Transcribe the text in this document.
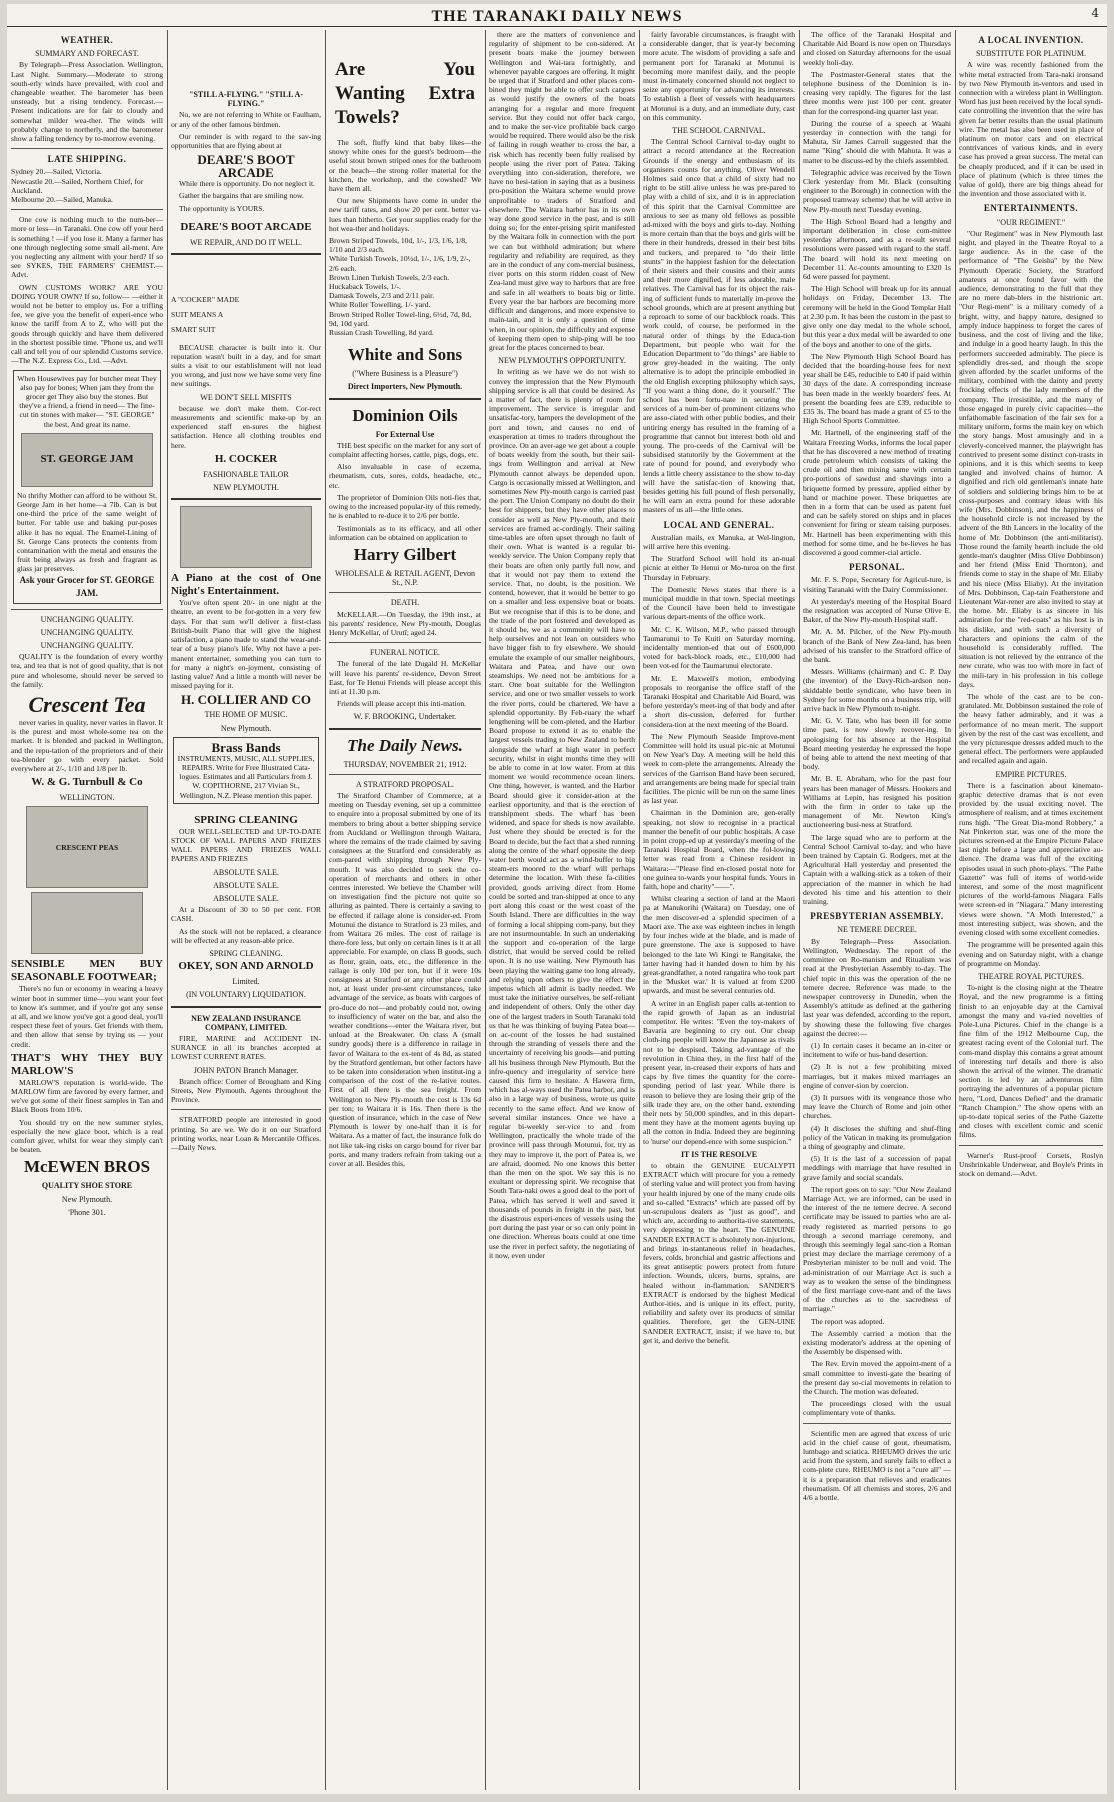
THE TARANAKI DAILY NEWS	4
WEATHER.
SUMMARY AND FORECAST.

By Telegraph—Press Association. Wellington, Last Night. Summary.—Moderate to strong south-erly winds have prevailed, with cool and changeable weather. The barometer has been unsteady, but a rising tendency. Forecast.—Present indications are for fair to cloudy and somewhat milder wea-ther. The winds will probably change to northerly, and the barometer show a falling tendency by to-morrow evening.

LATE SHIPPING.
Sydney 20.—Sailed, Victoria.
Newcastle 20.—Sailed, Northern Chief, for Auckland.
Melbourne 20.—Sailed, Manuka.

One cow is nothing much to the num-ber—more or less—in Taranaki. One cow off your herd is something ! —if you lose it. Many a farmer has one through neglecting some small ail-ment. Are you neglecting any ailment with your herd? If so see SYKES, THE FARMERS' CHEMIST.—Advt.

OWN CUSTOMS WORK? ARE YOU DOING YOUR OWN? If so, follow— —either it would not be better to employ us. For a trifling fee, we give you the benefit of experi-ence who know the tariff from A to Z, who will put the goods through quickly and have them delivered in the shortest possible time. "Phone us, and we'll call and tell you of our splendid Customs service.—The N.Z. Express Co., Ltd. —Advt.

When Housewives pay for butcher meat They also pay for bones; When jam they from the grocer get They also buy the stones. But they've a friend, a friend in need— The fine-cut tin stones with maker— "ST. GEORGE" the best, And great its name.
ST. GEORGE JAM
No thrifty Mother can afford to be without St. George Jam in her home—a 7lb. Can is but one-third the price of the same weight of butter. For table use and baking pur-poses alike it has no equal. The Enamel-Lining of St. George Cans protects the contents from contamination with the metal and ensures the fruit being always as fresh and fragrant as glass jar preserves.
Ask your Grocer for ST. GEORGE JAM.
UNCHANGING QUALITY.
UNCHANGING QUALITY.
UNCHANGING QUALITY.

QUALITY is the foundation of every worthy tea, and tea that is not of good quality, that is not pure and wholesome, should never be served to the family.

Crescent Tea

never varies in quality, never varies in flavor. It is the purest and most whole-some tea on the market. It is blended and packed in Wellington, and the repu-tation of the proprietors and of their tea-blender go with every packet. Sold everywhere at 2/-, 1/10 and 1/8 per lb.

W. & G. Turnbull & Co
WELLINGTON.
CRESCENT PEAS
SENSIBLE MEN BUY SEASONABLE FOOTWEAR;

There's no fun or economy in wearing a heavy winter boot in summer time—you want your feet to know it's summer, and if you're got any sense at all, and we know you've got a good deal, you'll respect these feet of yours. Get friends with them, and then allow that sense by trying us — your credit.

THAT'S WHY THEY BUY MARLOW'S

MARLOW'S reputation is world-wide. The MARLOW firm are favored by every farmer, and we've got some of their finest samples in Tan and Black Boots from 10/6.

You should try on the new summer styles, especially the new glace boot, which is a real comfort giver, whilst for wear they simply can't be beaten.

McEWEN BROS
QUALITY SHOE STORE
New Plymouth.
'Phone 301.
"STILL A-FLYING." "STILL A-FLYING."

No, we are not referring to White or Faulham, or any of the other famous birdmen.

Our reminder is with regard to the sav-ing opportunities that are flying about at

DEARE'S BOOT ARCADE

While there is opportunity. Do not neglect it.

Gather the bargains that are smiling now.

The opportunity is YOURS.

DEARE'S BOOT ARCADE
WE REPAIR, AND DO IT WELL.
A "COCKER" MADE
SUIT MEANS A
SMART SUIT

BECAUSE character is built into it. Our reputation wasn't built in a day, and for smart suits a visit to our establishment will not lead you wrong, and just now we have some very fine new suitings.

WE DON'T SELL MISFITS

because we don't make them. Cor-rect measurements and scientific make-up by an experienced staff en-sures the highest satisfaction. Hence all clothing troubles end here.

H. COCKER
FASHIONABLE TAILOR
NEW PLYMOUTH.
A Piano at the cost of One Night's Entertainment.

You've often spent 20/- in one night at the theatre, an event to be for-gotten in a very few days. For that sum we'll deliver a first-class British-built Piano that will give the highest satisfaction, a piano made to stand the wear-and-tear of a busy piano's life. Why not have a per-manent entertainer, something you can turn to for many a night's en-joyment, consisting of lasting value? And a little a month will never be missed paying for it.

H. COLLIER AND CO
THE HOME OF MUSIC.
New Plymouth.
Brass Bands
INSTRUMENTS, MUSIC, ALL SUPPLIES, REPAIRS. Write for Free Illustrated Cata-logues. Estimates and all Particulars from J. W. COPITHORNE, 217 Vivian St., Wellington, N.Z. Please mention this paper.
SPRING CLEANING

OUR WELL-SELECTED and UP-TO-DATE STOCK OF WALL PAPERS AND FRIEZES WALL PAPERS AND FRIEZES WALL PAPERS AND FRIEZES

ABSOLUTE SALE.
ABSOLUTE SALE.
ABSOLUTE SALE.

At a Discount of 30 to 50 per cent. FOR CASH.

As the stock will not be replaced, a clearance will be effected at any reason-able price.

SPRING CLEANING.
OKEY, SON AND ARNOLD
Limited.
(IN VOLUNTARY) LIQUIDATION.
NEW ZEALAND INSURANCE COMPANY, LIMITED.

FIRE, MARINE and ACCIDENT IN-SURANCE in all its branches accepted at LOWEST CURRENT RATES.

JOHN PATON Branch Manager.

Branch office: Corner of Brougham and King Streets, New Plymouth. Agents throughout the Province.

STRATFORD people are interested in good printing. So are we. We do it on our Stratford printing works, near Loan & Mercantile Offices.—Daily News.

Are You Wanting Extra Towels?

The soft, fluffy kind that baby likes—the snowy white ones for the guest's bedroom—the useful stout brown striped ones for the bathroom or the beach—the strong roller material for the kitchen, the workshop, and the cowshed? We have them all.

Our new Shipments have come in under the new tariff rates, and show 20 per cent. better va-lues than hitherto. Get your supplies ready for the hot wea-ther and holidays.

Brown Striped Towels, 10d, 1/-, 1/3, 1/6, 1/8, 1/10 and 2/3 each.
White Turkish Towels, 10½d, 1/-, 1/6, 1/9, 2/-, 2/6 each.
Brown Linen Turkish Towels, 2/3 each.
Huckaback Towels, 1/-.
Damask Towels, 2/3 and 2/11 pair.
White Roller Towelling, 1/- yard.
Brown Striped Roller Towel-ling, 6½d, 7d, 8d, 9d, 10d yard.
Russian Crash Towelling, 8d yard.
White and Sons
("Where Business is a Pleasure")
Direct Importers, New Plymouth.
Dominion Oils
For External Use

THE best specific on the market for any sort of complaint affecting horses, cattle, pigs, dogs, etc.

Also invaluable in case of eczema, rheumatism, cuts, sores, colds, headache, etc., etc.

The proprietor of Dominion Oils noti-fies that, owing to the increased popular-ity of this remedy, he is enabled to re-duce it to 2/6 per bottle.

Testimonials as to its efficacy, and all other information can be obtained on application to

Harry Gilbert
WHOLESALE & RETAIL AGENT, Devon St., N.P.
DEATH.

McKELLAR.—On Tuesday, the 19th inst., at his parents' residence, New Ply-mouth, Douglas Henry McKellar, of Urutī; aged 24.

FUNERAL NOTICE.

The funeral of the late Dugald H. McKellar will leave his parents' re-sidence, Devon Street East, for Te Henui Friends will please accept this inti at 11.30 p.m.

Friends will please accept this inti-mation.

W. F. BROOKING, Undertaker.
The Daily News.
THURSDAY, NOVEMBER 21, 1912.
A STRATFORD PROPOSAL.

The Stratford Chamber of Commerce, at a meeting on Tuesday evening, set up a committee to enquire into a proposal submitted by one of its members to bring about a better shipping service from Auckland or Wellington through Waitara, where the remains of the trade claimed by saving consignees at the Stratford end considerably as com-pared with shipping through New Ply-mouth. It was also decided to seek the co-operation of merchants and others in other centres interested. We believe the Chamber will on investigation find the picture not quite so alluring as painted. There is certainly a saving to be effected if railage alone is consider-ed. From Motunui the distance to Stratford is 23 miles, and from Waitara 26 miles. The cost of railage is there-fore less, but only on certain lines is it at all appreciable. For example, on class B goods, such as flour, grain, oats, etc., the difference in the railage is only 10d per ton, but if it were 10s consignees at Stratford or any other place could not, at least under pre-sent circumstances, take advantage of the service, as boats with cargoes of pro-duce do not—and probably could not, owing to insufficiency of water on the bar, and also the weather conditions—enter the Waitara river, but unload at the Breakwater. On class A (small sundry goods) there is a difference in railage in favor of Waitara to the ex-tent of 4s 8d, as stated by the Stratford gentleman, but other factors have to be taken into consideration when institut-ing a comparison of the cost of the re-lative routes. First of all there is the sea freight. From Wellington to New Ply-mouth the cost is 13s 6d per ton; to Waitara it is 16s. Then there is the question of insurance, which in the case of New Plymouth is lower by one-half than it is for Waitara. As a matter of fact, the insurance folk do not like tak-ing risks on cargo bound for river bar ports, and many traders refrain from taking out a cover at all. Besides this,

there are the matters of convenience and regularity of shipment to be con-sidered. At present boats make the journey between Wellington and Wai-tara fortnightly, and whenever payable cargoes are offering. It might be urged that if Stratford and other places com-bined they might be able to offer such cargoes as would justify the owners of the boats arranging for a regular and more frequent service. But they could not offer back cargo, and to make the ser-vice profitable back cargo would be required. There would also be the risk of failing in rough weather to cross the bar, a risk which has recently been fully realised by people using the river port of Patea. Taking everything into con-sideration, therefore, we have no hesi-tation in saying that as a business pro-position the Waitara scheme would prove unprofitable to traders of Stratford and elsewhere. The Waitara harbor has in its own way done good service in the past, and is still doing so; for the enter-prising spirit manifested by the Waitara folk in connection with the port we can but withhold admiration; but where regularity and reliability are required, as they are in the conduct of any com-mercial business, river ports on this storm ridden coast of New Zea-land must give way to harbors that are free and safe in all weathers to boats big or little. Every year the bar harbors are becoming more difficult and dangerous, and more expensive to main-tain, and it is only a question of time when, in our opinion, the difficulty and expense of keeping them open to ship-ping will be too great for the places concerned to bear.

NEW PLYMOUTH'S OPPORTUNITY.

In writing as we have we do not wish to convey the impression that the New Plymouth shipping service is all that could be desired. As a matter of fact, there is plenty of room for improvement. The service is irregular and unsatisfac-tory, hampers the development of the port and town, and causes no end of exasperation at times to traders throughout the province. On an aver-age we get about a couple of boats weekly from the south, but their sail-ings from Wellington and arrival at New Plymouth cannot always be depended upon. Cargo is occasionally missed at Wellington, and sometimes New Ply-mouth cargo is carried past the port. The Union Company no doubt do their best for shippers, but they have other places to consider as well as New Ply-mouth, and their services are framed ac-cordingly. Their sailing time-tables are often upset through no fault of their own. What is wanted is a regular bi-weekly service. The Union Company reply that their boats are often only partly full now, and that it would not pay them to extend the service. That, no doubt, is the position. We contend, however, that it would be better to go on a smaller and less expensive boat or boats. But we recognise that if this is to be done, and the trade of the port fostered and developed as it should be, we as a community will have to help ourselves and not lean on outsiders who have bigger fish to fry elsewhere. We should emulate the example of our smaller neighbours, Waitara and Patea, and have our own steamships. We need not be ambitious for a start. One boat suitable for the Wellington service, and one or two smaller vessels to work the river ports, could be chartered. We have a splendid opportunity. By Feb-ruary the wharf lengthening will be com-pleted, and the Harbor Board propose to extend it as to enable the largest vessels trading to New Zealand to berth alongside the wharf at high water in perfect security, whilst in eight months time they will be able to come in at low water. From at this moment we would recommence ocean liners. One thing, however, is wanted, and the Harbor Board should give it consider-ation at the earliest opportunity, and that is the erection of transhipment sheds. The wharf has been widened, and space for sheds is now available. Just where they should be erected is for the Board to decide, but the fact that a shed running along the centre of the wharf opposite the deep water berth would act as a wind-buffer to big steam-ers moored to the wharf will perhaps determine the location. With these fa-cilities provided, goods arriving direct from Home could be sorted and tran-shipped at once to any port along this coast or the west coast of the South Island. There are difficulties in the way of forming a local shipping com-pany, but they are not insurmountable. In such an undertaking the support and co-operation of the large district, that would be served could be relied upon. It is no use waiting. New Plymouth has been playing the waiting game too long already, and relying upon others to give the effect the impetus which all admit is badly needed. We must take the initiative ourselves, be self-reliant and independent of others. Only the other day one of the largest traders in South Taranaki told us that he was thinking of buying Patea boat—on ac-count of the losses he had sustained through the stranding of vessels there and the uncertainty of receiving his goods—and putting all his business through New Plymouth. But the infre-quency and irregularity of service here caused this firm to hesitate. A Hawera firm, which has al-ways used the Patea harbor, and is also in a large way of business, wrote us quite recently to the same effect. And we know of several similar instances. Once we have a regular bi-weekly ser-vice to and from Wellington, practically the whole trade of the province will pass through Motunui, for, try as they may to improve it, the port of Patea is, we are afraid, doomed. No one knows this better than the men on the spot. We say this is no exultant or depressing spirit. We recognise that South Tara-naki owes a good deal to the port of Patea, which has served it well and saved it thousands of pounds in freight in the past, but the disastrous experi-ences of vessels using the port during the past year or so can only point in one direction. Whereas boats could at one time use the river in perfect safety, the negotiating of it now, even under

fairly favorable circumstances, is fraught with a considerable danger, that is year-ly becoming more acute. The wisdom of providing a safe and permanent port for Taranaki at Motunui is becoming more manifest daily, and the people must in-timately concerned should not neglect to seize any opportunity for advancing its interests. To establish a fleet of vessels with headquarters at Motunui is a duty, and an immediate duty, cast on this community.

THE SCHOOL CARNIVAL.

The Central School Carnival to-day ought to attract a record attendance at the Recreation Grounds if the energy and enthusiasm of its organisers counts for anything. Oliver Wendell Holmes said once that a child of sixty had no right to be still alive unless he was pre-pared to play with a child of six, and it is in appreciation of this spirit that the Carnival Committee are anxious to see as many old fellows as possible ad-mixed with the boys and girls to-day. Nothing is more certain than that the boys and girls will be there in their hundreds, dressed in their best bibs and tuckers, and prepared to "do their little stunts" in the happiest fashion for the delectation of their sisters and their cousins and their aunts and their more dignified, if less adorable, male relatives. The Carnival has for its object the rais-ing of sufficient funds to materially im-prove the school grounds, which are at present anything but a reproach to some of our backblock roads. This work could, of course, be performed in the natural order of things by the Educa-tion Department, but people who wait for the Education Department to "do things" are liable to grow grey-headed in the waiting. The only alternative is to adopt the principle embodied in the old English excepting philosophy which says, "If you want a thing done, do it yourself." The school has been fortu-nate in securing the services of a num-ber of prominent citizens who are asso-ciated with other public bodies, and their untiring energy has resulted in the framing of a programme that cannot but interest both old and young. The pro-ceeds of the Carnival will be subsidised statutorily by the Government at the rate of pound for pound, and everybody who lends a little cheery assistance to the show to-day will have the satisfac-tion of knowing that, besides getting his full pound of flesh personally, he will earn an extra pound for these adorable masters of us all—the little ones.

LOCAL AND GENERAL.

Australian mails, ex Manuka, at Wel-lington, will arrive here this evening.

The Stratford School will hold its an-nual picnic at either Te Henui or Mo-turoa on the first Thursday in February.

The Domestic News states that there is a municipal muddle in that town. Special meetings of the Council have been held to investigate various depart-ments of the office work.

Mr. C. K. Wilson, M.P., who passed through Taumarunui to Te Kuiti on Saturday morning, incidentally mention-ed that out of £600,000 voted for back-block roads, etc., £10,000 had been vot-ed for the Taumarunui electorate.

Mr. E. Maxwell's motion, embodying proposals to reorganise the office staff of the Taranaki Hospital and Charitable Aid Board, was before yesterday's meet-ing of that body and after a short dis-cussion, deferred for further considera-tion at the next meeting of the Board.

The New Plymouth Seaside Improve-ment Committee will hold its usual pic-nic at Motunui on New Year's Day. A meeting will be held this week to com-plete the arrangements. Already the services of the Garrison Band have been secured, and arrangements are being made for special train facilities. The picnic will be run on the same lines as last year.

Chairman in the Dominion are, gen-erally speaking, not slow to recognise in a practical manner the benefit of our public hospitals. A case in point cropp-ed up at yesterday's meeting of the Taranaki Hospital Board, when the fol-lowing letter was read from a Chinese resident in Waitara:—"Please find en-closed postal note for one guinea to-wards your hospital funds. Yours in faith, hope and charity"——".

Whilst clearing a section of land at the Maori pa at Manukorihi (Waitara) on Tuesday, one of the men discover-ed a splendid specimen of a Maori axe. The axe was eighteen inches in length by four inches wide at the blade, and is made of pure greenstone. The axe is supposed to have belonged to the late Wi Kingi te Rangitake, the latter having had it handed down to him by his great-grandfather, a noted rangatira who took part in the 'Musket war.' It is valued at from £200 upwards, and must be several centuries old.

A writer in an English paper calls at-tention to the rapid growth of Japan as an industrial competitor. He writes: "Even the toy-makers of Bavaria are beginning to cry out. Our cheap cloth-ing people will know the Japanese as rivals not to be despised. Taking ad-vantage of the revolution in China they, in the first half of the present year, in-creased their exports of hats and caps by five times the quantity for the corre-sponding period of last year. While there is reason to believe they are losing their grip of the silk trade they are, on the other hand, extending their nets by 50,000 spindles, and in this depart-ment they have at the moment agents buying up all the cotton in India. Indeed they are beginning to 'nurse' our depend-ence with some suspicion."

IT IS THE RESOLVE

to obtain the GENUINE EUCALYPTI EXTRACT which will procure for you a remedy of sterling value and will protect you from having your health injured by one of the many crude oils and so-called "Extracts" which are passed off by un-scrupulous dealers as "just as good", and which are, according to authorita-tive statements, very depressing to the heart. The GENUINE SANDER EXTRACT is absolutely non-injurious, and brings in-stantaneous relief in headaches, fevers, colds, bronchial and gastric affections and its great antiseptic powers protect from future infection. Wounds, ulcers, burns, sprains, are healed without in-flammation. SANDER'S EXTRACT is endorsed by the highest Medical Author-ities, and is unique in its effect, purity, reliability and safety over its products of similar qualities. Therefore, get the GEN-UINE SANDER EXTRACT, insist; if we have to, but get it, and derive the benefit.

The office of the Taranaki Hospital and Charitable Aid Board is now open on Thursdays and closed on Saturday afternoons for the usual weekly holi-day.

The Postmaster-General states that the telephone business of the Dominion is in-creasing very rapidly. The figures for the last three months were just 100 per cent. greater than for the correspond-ing quarter last year.

During the course of a speech at Waahi yesterday in connection with the tangi for Mahuta, Sir James Carroll suggested that the name "King" should die with Mahuta. It was a matter to be discuss-ed by the chiefs assembled.

Telegraphic advice was received by the Town Clerk yesterday from Mr. Black (consulting engineer to the Borough) in connection with the proposed tramway scheme) that he will arrive in New Ply-mouth next Tuesday evening.

The High School Board had a lengthy and important deliberation in close com-mittee yesterday afternoon, and as a re-sult several resolutions were passed with regard to the staff. The board will hold its next meeting on December 11. Ac-counts amounting to £320 1s 6d were passed for payment.

The High School will break up for its annual holidays on Friday, December 13. The ceremony will be held in the Good Templar Hall at 2.30 p.m. It has been the custom in the past to give only one day medal to the whole school, but this year a dux medal will be awarded to one of the boys and another to one of the girls.

The New Plymouth High School Board has decided that the boarding-house fees for next year shall be £45, reducible to £40 if paid within 30 days of the date. A corresponding increase has been made in the weekly boarders' fees. At present the boarding fees are £39, reducible to £35 3s. The board has made a grant of £5 to the High School Sports Committee.

Mr. Hartnell, of the engineering staff of the Waitara Freezing Works, informs the local paper that he has discovered a new method of treating crude petroleum which consists of taking the crude oil and then mixing same with certain pro-portions of sawdust and shavings into a briquette formed by pressure, applied either by hand or machine power. These briquettes are then in a form that can be used as patent fuel and can be safely stored on ships and in places convenient for firing or steam raising purposes. Mr. Hartnell has been experimenting with this method for some time, and he be-lieves he has discovered a good commer-cial article.

PERSONAL.

Mr. F. S. Pope, Secretary for Agricul-ture, is visiting Taranaki with the Dairy Commissioner.

At yesterday's meeting of the Hospital Board the resignation was accepted of Nurse Olive E. Baker, of the New Ply-mouth Hospital staff.

Mr. A. M. Pilcher, of the New Ply-mouth branch of the Bank of New Zea-land, has been advised of his transfer to the Stratford office of the bank.

Messrs. Williams (chairman) and C. P. Day (the inventor) of the Davy-Rich-ardson non-skiddable bottle syndicate, who have been in Sydney for some months on a business trip, will arrive back in New Plymouth to-night.

Mr. G. V. Tate, who has been ill for some time past, is now slowly recover-ing. In apologising for his absence at the Hospital Board meeting yesterday he expressed the hope of being able to attend the next meeting of that body.

Mr. B. E. Abraham, who for the past four years has been manager of Messrs. Hookers and Williams at Lepin, has resigned his position with the firm in order to take up the management of Mr. Newton King's auctioneering busi-ness at Stratford.

The large squad who are to perform at the Central School Carnival to-day, and who have been trained by Captain G. Rodgers, met at the Agricultural Hall yesterday and presented the Captain with a walking-stick as a token of their appreciation of the manner in which he had devoted his time and his attention to their training.

PRESBYTERIAN ASSEMBLY.
NE TEMERE DECREE.

By Telegraph—Press Association. Wellington, Wednesday. The report of the committee on Ro-manism and Ritualism was read at the Presbyterian Assembly to-day. The chief topic in this was the operation of the ne temere decree. Reference was made to the newspaper controversy in Dunedin, when the Assembly's attitude as defined at the gathering last year was defended, according to the report, by showing these the following five charges against the decree:—

(1) In certain cases it became an in-citer or incitement to wife or hus-band desertion.

(2) It is not a few prohibiting mixed marriages, but it makes mixed marriages an engine of conver-sion by coercion.

(3) It pursues with its vengeance those who may leave the Church of Rome and join other churches.

(4) It discloses the shifting and shuf-fling policy of the Vatican in making its promulgation a thing of geography and climate.

(5) It is the last of a succession of papal meddlings with marriage that have resulted in grave family and social scandals.

The report goes on to say: "Our New Zealand Marriage Act, we are informed, can be used in the interest of the ne temere decree. A second certificate may be issued to parties who are al-ready registered as married persons to go through a second marriage ceremony, and through this seemingly legal sanc-tion a Roman priest may declare the marriage ceremony of a Presbyterian minister to be null and void. The ad-ministration of our Marriage Act is such a way as to weaken the sense of the bindingness of the first marriage cove-nant and of the laws of the churches as to the sacredness of marriage."

The report was adopted.

The Assembly carried a motion that the existing moderator's address at the opening of the Assembly be dispensed with.

The Rev. Ervin moved the appoint-ment of a small committee to investi-gate the bearing of the present day so-cial movements in relation to the Church. The motion was defeated.

The proceedings closed with the usual complimentary vote of thanks.

Scientific men are agreed that excess of uric acid in the chief cause of gout, rheumatism, lumbago and sciatica. RHEUMO drives the uric acid from the system, and surely fails to effect a com-plete cure. RHEUMO is not a "cure all" —it is a preparation that relieves and eradicates rheumatism. Of all chemists and stores, 2/6 and 4/6 a bottle.

A LOCAL INVENTION.
SUBSTITUTE FOR PLATINUM.

A wire was recently fashioned from the white metal extracted from Tara-naki ironsand by two New Plymouth in-ventors and used in connection with a wireless plant in Wellington. Word has just been received by the local syndi-cate controlling the invention that the wire has given far better results than the usual platinum wire. The metal has also been used in place of platinum on motor cars and on electrical contrivances of various kinds, and in every case has proved a great success. The metal can be cheaply produced, and if it can be used in place of platinum (which is three times the value of gold), there are big things ahead for the invention and those associated with it.

ENTERTAINMENTS.
"OUR REGIMENT."

"Our Regiment" was in New Plymouth last night, and played in the Theatre Royal to a large audience. As in the case of the performance of "The Geisha" by the New Plymouth Operatic Society, the Stratford amateurs at once found favor with the audience, demonstrating to the full that they are no mere dab-blers in the histrionic art. "Our Regi-ment" is a military comedy of a bright, witty, and happy nature, designed to amply induce happiness to forget the cares of business, and the cost of living and the like, and indulge in a good hearty laugh. In this the performers succeeded admirably. The piece is splendidly dres-sed, and though the scope given afforded by the scarlet uniforms of the military, combined with the dainty and pretty frocking effects of the lady members of the company. The irresistible, and the many of those engaged in purely civic capacities—the unfathomable fascination of the fair sex for a military uniform, forms the main key on which the story hangs. Most amusingly and in a cleverly-conceived manner, the playwright has contrived to present some distinct con-trasts in opinions, and it is this which seems to keep tangled and involved chains of humor. A dignified and rich old gentleman's innate hate of soldiers and soldiering brings him to be at cross-purposes and contrary ideas with his wife (Mrs. Dobbinson), and the happiness of the household circle is not increased by the advent of the 8th Lancers in the locality of the home of Mr. Dobbinson (the anti-militarist). Those round the family hearth include the old gentle-man's daughter (Miss Olive Dobbinson) and her friend (Miss Enid Thornton), and friends come to stay in the shape of Mr. Eliaby and his niece (Miss Eliaby). At the invitation of Mrs. Dobbinson, Cap-tain Featherstone and Lieutenant War-rener are also invited to stay at the home. Mr. Eliaby is as sincere in his admiration for the "red-coats" as his host is in his dislike, and with such a diversity of characters and opinions the calm of the household is considerably ruffled. The situation is not relieved by the entrance of the new curate, who was too with more in fact of the mili-tary in his profession in his college days.

The whole of the cast are to be con-gratulated. Mr. Dobbinson sustained the role of the heavy father admirably, and it was a performance of no mean merit. The support given by the rest of the cast was excellent, and the very picturesque dresses added much to the general effect. The performers were applauded and recalled again and again.

EMPIRE PICTURES.

There is a fascination about kinemato-graphic detective dramas that is not even provided by the usual exciting novel. The atmosphere of realism, and at times excitement runs high. "The Great Dia-mond Robbery," a Nat Pinkerton star, was one of the more the pictures screen-ed at the Empire Picture Palace last night before a large and appreciative au-dience. The drama was full of the exciting episodes usual in such photo-plays. "The Pathe Gazette" was full of items of world-wide interest, and some of the most magnificent pictures of the world-famous Niagara Falls were screen-ed in "Niagara." Many interesting views were shown. "A Moth Interested," a most interesting subject, was shown, and the evening closed with some excellent comedies.

The programme will be presented again this evening and on Saturday night, with a change of programme on Monday.

THEATRE ROYAL PICTURES.

To-night is the closing night at the Theatre Royal, and the new programme is a fitting finish to an enjoyable day at the Carnival amongst the many and va-ried novelties of Pole-Luna Pictures. Chief in the change is a fine film of the 1912 Melbourne Cup, the greatest racing event of the Colonial turf. The com-mand display this contains a great amount of interesting turf details and there is also shown the arrival of the winner. The dramatic section is led by an adventurous film portraying the adventures of a popular picture hero, "Lord, Dances Defied" and the dramatic "Ranch Champion." The show opens with an up-to-date topical series of the Pathe Gazette and closes with excellent comic and scenic films.

Warner's Rust-proof Corsets, Roslyn Unshrinkable Underwear, and Boyle's Prints in stock on demand.—Advt.
